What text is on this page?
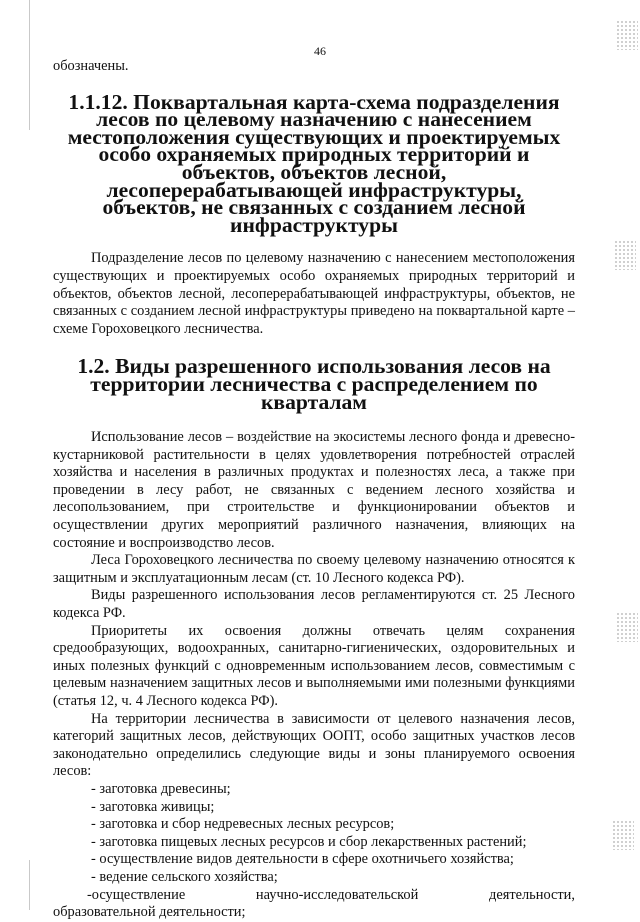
46

обозначены.

1.1.12. Поквартальная карта-схема подразделения лесов по целевому назначению с нанесением местоположения существующих и проектируемых особо охраняемых природных территорий и объектов, объектов лесной, лесоперерабатывающей инфраструктуры, объектов, не связанных с созданием лесной инфраструктуры

Подразделение лесов по целевому назначению с нанесением местоположения существующих и проектируемых особо охраняемых природных территорий и объектов, объектов лесной, лесоперерабатывающей инфраструктуры, объектов, не связанных с созданием лесной инфраструктуры приведено на поквартальной карте – схеме Гороховецкого лесничества.

1.2. Виды разрешенного использования лесов на территории лесничества с распределением по кварталам

Использование лесов – воздействие на экосистемы лесного фонда и древесно-кустарниковой растительности в целях удовлетворения потребностей отраслей хозяйства и населения в различных продуктах и полезностях леса, а также при проведении в лесу работ, не связанных с ведением лесного хозяйства и лесопользованием, при строительстве и функционировании объектов и осуществлении других мероприятий различного назначения, влияющих на состояние и воспроизводство лесов.

Леса Гороховецкого лесничества по своему целевому назначению относятся к защитным и эксплуатационным лесам (ст. 10 Лесного кодекса РФ).

Виды разрешенного использования лесов регламентируются ст. 25 Лесного кодекса РФ.

Приоритеты их освоения должны отвечать целям сохранения средообразующих, водоохранных, санитарно-гигиенических, оздоровительных и иных полезных функций с одновременным использованием лесов, совместимым с целевым назначением защитных лесов и выполняемыми ими полезными функциями (статья 12, ч. 4 Лесного кодекса РФ).

На территории лесничества в зависимости от целевого назначения лесов, категорий защитных лесов, действующих ООПТ, особо защитных участков лесов законодательно определились следующие виды и зоны планируемого освоения лесов:

- заготовка древесины;
- заготовка живицы;
- заготовка и сбор недревесных лесных ресурсов;
- заготовка пищевых лесных ресурсов и сбор лекарственных растений;
- осуществление видов деятельности в сфере охотничьего хозяйства;
- ведение сельского хозяйства;
-осуществление	научно-исследовательской	деятельности,

образовательной деятельности;
